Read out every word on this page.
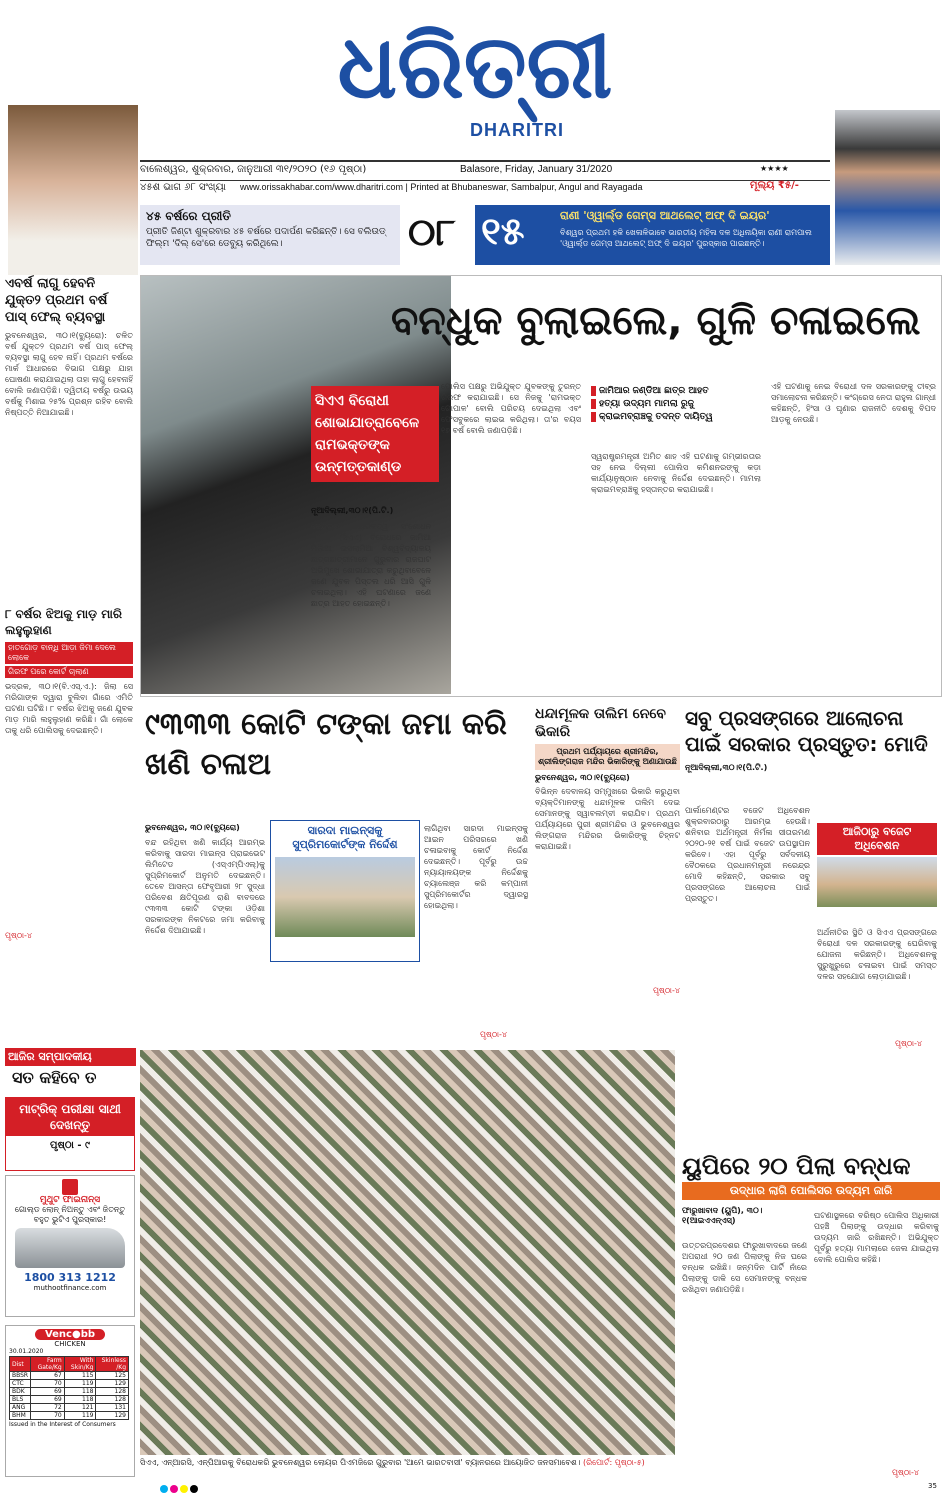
ଧରିତ୍ରୀ
DHARITRI
ବାଲେଶ୍ୱର, ଶୁକ୍ରବାର, ଜାନୁଆରୀ ୩୧/୨୦୨୦ (୧୬ ପୃଷ୍ଠା)	Balasore, Friday, January 31/2020	★★★★
୪୫ଶ ଭାଗ ୬୮ ସଂଖ୍ୟା www.orissakhabar.com/www.dharitri.com | Printed at Bhubaneswar, Sambalpur, Angul and Rayagada	ମୂଲ୍ୟ ₹୫/-
୪୫ ବର୍ଷରେ ପ୍ରୀତି
ପ୍ରୀତି ଜିଣ୍ଟା ଶୁକ୍ରବାର ୪୫ ବର୍ଷରେ ପଦାର୍ପଣ କରିଛନ୍ତି। ସେ ବଲିଉଡ୍ ଫିଲ୍ମ 'ଦିଲ୍ ସେ'ରେ ଡେବ୍ୟୁ କରିଥିଲେ।	୦୮ ୧୫	ରାଣୀ 'ଓ୍ୱାର୍ଲ୍ଡ ଗେମ୍ସ ଆଥଲେଟ୍ ଅଫ୍ ଦି ଇୟର'
ବିଶ୍ୱର ପ୍ରଥମ ହକି ଖେଳାଳିଭାବେ ଭାରତୀୟ ମହିଳା ଦଳ ଅଧିନାୟିକା ରାଣୀ ରାମପାଲ 'ଓ୍ୱାର୍ଲ୍ଡ ଗେମ୍ସ ଆଥଲେଟ୍ ଅଫ୍ ଦି ଇୟର' ପୁରସ୍କାର ପାଇଛନ୍ତି।
ଏବର୍ଷ ଲାଗୁ ହେବନି ଯୁକ୍ତ୨ ପ୍ରଥମ ବର୍ଷ ପାସ୍ ଫେଲ୍ ବ୍ୟବସ୍ଥା
ଭୁବନେଶ୍ୱର, ୩୦।୧(ବ୍ୟୁରୋ): ଚଳିତ ବର୍ଷ ଯୁକ୍ତ୨ ପ୍ରଥମ ବର୍ଷ ପାସ୍ ଫେଲ୍ ବ୍ୟବସ୍ଥା ଲାଗୁ ହେବ ନାହିଁ। ପ୍ରଥମ ବର୍ଷରେ ମାର୍କ ଆଧାରରେ ବିଭାଗ ପକ୍ଷରୁ ଯାହା ଘୋଷଣା କରାଯାଇଥିଲା ତାହା ଲାଗୁ ହେବନାହିଁ ବୋଲି ଜଣାପଡ଼ିଛି। ଦ୍ୱିତୀୟ ବର୍ଷରୁ ଉଭୟ ବର୍ଷକୁ ମିଶାଇ ୨୫% ପ୍ରଶ୍ନ ରହିବ ବୋଲି ନିଷ୍ପତ୍ତି ନିଆଯାଇଛି।
୮ ବର୍ଷର ଝିଅକୁ ମାଡ଼ ମାରି ଲହୁଲୁହାଣ
ହାତଗୋଡ଼ ବାନ୍ଧି ଆଡ଼ା ଜିମା ଦେଲେ ଲୋକେ
ଗିରଫ ପରେ କୋର୍ଟ ଚାଲାଣ
ଭଦ୍ରକ, ୩୦।୧(ବି.ଏସ୍.ଏ.): ଜିଲା ସେ ମରିଗାଙ୍କ ଦ୍ୱାରା ବୁଲିବା ଗାଁରେ ଏମିତି ଘଟଣା ଘଟିଛି। ୮ ବର୍ଷର ଝିଅକୁ ଜଣେ ଯୁବକ ମାଡ଼ ମାରି ଲହୁଲୁହାଣ କରିଛି। ଗାଁ ଲୋକେ ତାକୁ ଧରି ପୋଲିସକୁ ଦେଇଛନ୍ତି।
ପୃଷ୍ଠା-୪
ଆଜିର ସମ୍ପାଦକୀୟ
ସତ କହିବେ ତ
ମାଟ୍ରିକ୍ ପରୀକ୍ଷା ସାଥୀ ଦେଖନ୍ତୁ
ପୃଷ୍ଠା - ୯
ମୁଥୁଟ ଫାଇନାନ୍ସ
ଗୋଲ୍ଡ ଲୋନ୍ ନିଅନ୍ତୁ ଏବଂ ଜିତନ୍ତୁ ବହୁତ ଭୁଟିଏ ପୁରସ୍କାର!
1800 313 1212
muthootfinance.com
Venc●bb
CHICKEN
30.01.2020
Dist	Farm Gate/Kg	With Skin/Kg	Skinless /Kg
BBSR	67	115	125
CTC	70	119	129
BDK	69	118	128
BLS	69	118	128
ANG	72	121	131
BHM	70	119	129
Issued in the Interest of Consumers
ବନ୍ଧୁକ ବୁଲାଇଲେ, ଗୁଳି ଚଳାଇଲେ
ସିଏଏ ବିରୋଧୀ ଶୋଭାଯାତ୍ରାବେଳେ ରାମଭକ୍ତଙ୍କ ଉନ୍ମତ୍ତକାଣ୍ଡ
ନୂଆଦିଲ୍ଲୀ,୩୦।୧(ପି.ଟି.)
କେନ୍ଦ୍ରର ନାଗରିକତ୍ୱ ସଂଶୋଧନ ଆଇନ (ସିଏଏ) ବିରୋଧରେ ଜାମିଆ ମିଲିଆ ଇସଲାମିଆ ବିଶ୍ୱବିଦ୍ୟାଳୟ ଛାତ୍ରଛାତ୍ରୀମାନେ ଗୁରୁବାର ରାଜଘାଟ ଅଭିମୁଖେ ଶୋଭାଯାତ୍ରା କରୁଥିବାବେଳେ ଜଣେ ଯୁବକ ପିସ୍ତଲ ଧରି ଆସି ଗୁଳି ଚଳାଇଥିଲା। ଏହି ଘଟଣାରେ ଜଣେ ଛାତ୍ର ଆହତ ହୋଇଛନ୍ତି।
ପୋଲିସ ପକ୍ଷରୁ ଅଭିଯୁକ୍ତ ଯୁବକଙ୍କୁ ତୁରନ୍ତ ଗିରଫ କରାଯାଇଛି। ସେ ନିଜକୁ 'ରାମଭକ୍ତ ଗୋପାଳ' ବୋଲି ପରିଚୟ ଦେଇଥିଲା ଏବଂ ଫେସବୁକରେ ଲାଇଭ କରିଥିଲା। ତା'ର ବୟସ ୧୭ ବର୍ଷ ବୋଲି ଜଣାପଡ଼ିଛି।
ଜାମିଆର ଜଣ୍ଡିଆ ଛାତ୍ର ଆହତ
ହତ୍ୟା ଉଦ୍ୟମ ମାମଲା ରୁଜୁ
କ୍ରାଇମବ୍ରାଞ୍ଚକୁ ତଦନ୍ତ ଦାୟିତ୍ୱ
ସ୍ୱରାଷ୍ଟ୍ରମନ୍ତ୍ରୀ ଅମିତ ଶାହ ଏହି ଘଟଣାକୁ ଗମ୍ଭୀରତାର ସହ ନେଇ ଦିଲ୍ଲୀ ପୋଲିସ କମିଶନରଙ୍କୁ କଡ଼ା କାର୍ଯ୍ୟାନୁଷ୍ଠାନ ନେବାକୁ ନିର୍ଦ୍ଦେଶ ଦେଇଛନ୍ତି। ମାମଲା କ୍ରାଇମବ୍ରାଞ୍ଚକୁ ହସ୍ତାନ୍ତର କରାଯାଇଛି।
ଏହି ଘଟଣାକୁ ନେଇ ବିରୋଧୀ ଦଳ ସରକାରଙ୍କୁ ତୀବ୍ର ସମାଲୋଚନା କରିଛନ୍ତି। କଂଗ୍ରେସ ନେତା ରାହୁଲ ଗାନ୍ଧୀ କହିଛନ୍ତି, ହିଂସା ଓ ଘୃଣାର ରାଜନୀତି ଦେଶକୁ ବିପଦ ଆଡ଼କୁ ନେଉଛି।
୯୩୩୩ କୋଟି ଟଙ୍କା ଜମା କରି ଖଣି ଚଳାଅ
ଭୁବନେଶ୍ୱର, ୩୦।୧(ବ୍ୟୁରୋ)	ସାରଦା ମାଇନ୍ସକୁ ସୁପ୍ରିମକୋର୍ଟଙ୍କ ନିର୍ଦ୍ଦେଶ
ବନ୍ଦ ରହିଥିବା ଖଣି କାର୍ଯ୍ୟ ଆରମ୍ଭ କରିବାକୁ ସାରଦା ମାଇନ୍ସ ପ୍ରାଇଭେଟ ଲିମିଟେଡ (ଏସ୍‌ଏମ୍‌ପିଏଲ୍)କୁ ସୁପ୍ରିମକୋର୍ଟ ଅନୁମତି ଦେଇଛନ୍ତି। ତେବେ ଆସନ୍ତା ଫେବୃଆରୀ ୨୮ ସୁଦ୍ଧା ପରିବେଶ କ୍ଷତିପୂରଣ ରାଶି ବାବଦରେ ୯୩୩୩ କୋଟି ଟଙ୍କା ଓଡ଼ିଶା ସରକାରଙ୍କ ନିକଟରେ ଜମା କରିବାକୁ ନିର୍ଦ୍ଦେଶ ଦିଆଯାଇଛି।
ଲାଗିଥିବା ସାରଦା ମାଇନ୍ସକୁ ଆଇନ ପରିସରରେ ଖଣି ଚଳାଇବାକୁ କୋର୍ଟ ନିର୍ଦ୍ଦେଶ ଦେଇଛନ୍ତି। ପୂର୍ବରୁ ଉଚ୍ଚ ନ୍ୟାୟାଳୟଙ୍କ ନିର୍ଦ୍ଦେଶକୁ ଚ୍ୟାଲେଞ୍ଜ କରି କମ୍ପାନୀ ସୁପ୍ରିମକୋର୍ଟର ଦ୍ୱାରସ୍ଥ ହୋଇଥିଲା।
ପୃଷ୍ଠା-୪
ଧନ୍ଦାମୂଳକ ତାଲିମ ନେବେ ଭିକାରି
ପ୍ରଥମ ପର୍ଯ୍ୟାୟରେ ଶ୍ରୀମନ୍ଦିର, ଶ୍ରୀଲିଙ୍ଗରାଜ ମନ୍ଦିର ଭିକାରିଙ୍କୁ ଅଣାଯାଉଛି
ଭୁବନେଶ୍ୱର, ୩୦।୧(ବ୍ୟୁରୋ)
ବିଭିନ୍ନ ଦେବାଳୟ ସମ୍ମୁଖରେ ଭିକାରି କରୁଥିବା ବ୍ୟକ୍ତିମାନଙ୍କୁ ଧନ୍ଦାମୂଳକ ତାଲିମ ଦେଇ ସେମାନଙ୍କୁ ସ୍ୱାବଲମ୍ବୀ କରାଯିବ। ପ୍ରଥମ ପର୍ଯ୍ୟାୟରେ ପୁରୀ ଶ୍ରୀମନ୍ଦିର ଓ ଭୁବନେଶ୍ୱର ଲିଙ୍ଗରାଜ ମନ୍ଦିରର ଭିକାରିଙ୍କୁ ଚିହ୍ନଟ କରାଯାଇଛି।
ପୃଷ୍ଠା-୪
ସବୁ ପ୍ରସଙ୍ଗରେ ଆଲୋଚନା ପାଇଁ ସରକାର ପ୍ରସ୍ତୁତ: ମୋଦି
ନୂଆଦିଲ୍ଲୀ,୩୦।୧(ପି.ଟି.)
ଆଜିଠାରୁ ବଜେଟ ଅଧିବେଶନ
ପାର୍ଲାମେଣ୍ଟର ବଜେଟ ଅଧିବେଶନ ଶୁକ୍ରବାରଠାରୁ ଆରମ୍ଭ ହେଉଛି। ଶନିବାର ଅର୍ଥମନ୍ତ୍ରୀ ନିର୍ମଳା ସୀତାରମଣ ୨୦୨୦-୨୧ ବର୍ଷ ପାଇଁ ବଜେଟ ଉପସ୍ଥାପନ କରିବେ। ଏହା ପୂର୍ବରୁ ସର୍ବଦଳୀୟ ବୈଠକରେ ପ୍ରଧାନମନ୍ତ୍ରୀ ନରେନ୍ଦ୍ର ମୋଦି କହିଛନ୍ତି, ସରକାର ସବୁ ପ୍ରସଙ୍ଗରେ ଆଲୋଚନା ପାଇଁ ପ୍ରସ୍ତୁତ।
ଅର୍ଥନୀତିର ସ୍ଥିତି ଓ ସିଏଏ ପ୍ରସଙ୍ଗରେ ବିରୋଧୀ ଦଳ ସରକାରଙ୍କୁ ଘେରିବାକୁ ଯୋଜନା କରିଛନ୍ତି। ଅଧିବେଶନକୁ ସୁରୁଖୁରୁରେ ଚଳାଇବା ପାଇଁ ସମସ୍ତ ଦଳର ସହଯୋଗ ଲୋଡ଼ାଯାଇଛି।
ପୃଷ୍ଠା-୪
ସିଏଏ, ଏନ୍‌ଆରସି, ଏନ୍‌ପିଆରକୁ ବିରୋଧକରି ଭୁବନେଶ୍ୱର ଲୋୟର ପିଏମଜିରେ ଗୁରୁବାର 'ଆମେ ଭାରତବାସୀ' ବ୍ୟାନରରେ ଆୟୋଜିତ ଜନସମାବେଶ। (ରିପୋର୍ଟ: ପୃଷ୍ଠା-୫)
ୟୁପିରେ ୨୦ ପିଲା ବନ୍ଧକ
ଉଦ୍ଧାର ଲାଗି ପୋଲିସର ଉଦ୍ୟମ ଜାରି
ଫାରୁଖାବାଦ (ୟୁପି), ୩୦।୧(ଆଇଏଏନ୍‌ଏସ୍)
ଉତ୍ତରପ୍ରଦେଶର ଫାରୁଖାବାଦରେ ଜଣେ ଅପରାଧୀ ୨୦ ଜଣ ପିଲାଙ୍କୁ ନିଜ ଘରେ ବନ୍ଧକ ରଖିଛି। ଜନ୍ମଦିନ ପାର୍ଟି ନାଁରେ ପିଲାଙ୍କୁ ଡାକି ସେ ସେମାନଙ୍କୁ ବନ୍ଧକ ରଖିଥିବା ଜଣାପଡ଼ିଛି।
ଘଟଣାସ୍ଥଳରେ ବରିଷ୍ଠ ପୋଲିସ ଅଧିକାରୀ ପହଞ୍ଚି ପିଲାଙ୍କୁ ଉଦ୍ଧାର କରିବାକୁ ଉଦ୍ୟମ ଜାରି ରଖିଛନ୍ତି। ଅଭିଯୁକ୍ତ ପୂର୍ବରୁ ହତ୍ୟା ମାମଲାରେ ଜେଲ ଯାଇଥିଲା ବୋଲି ପୋଲିସ କହିଛି।
ପୃଷ୍ଠା-୪
35
